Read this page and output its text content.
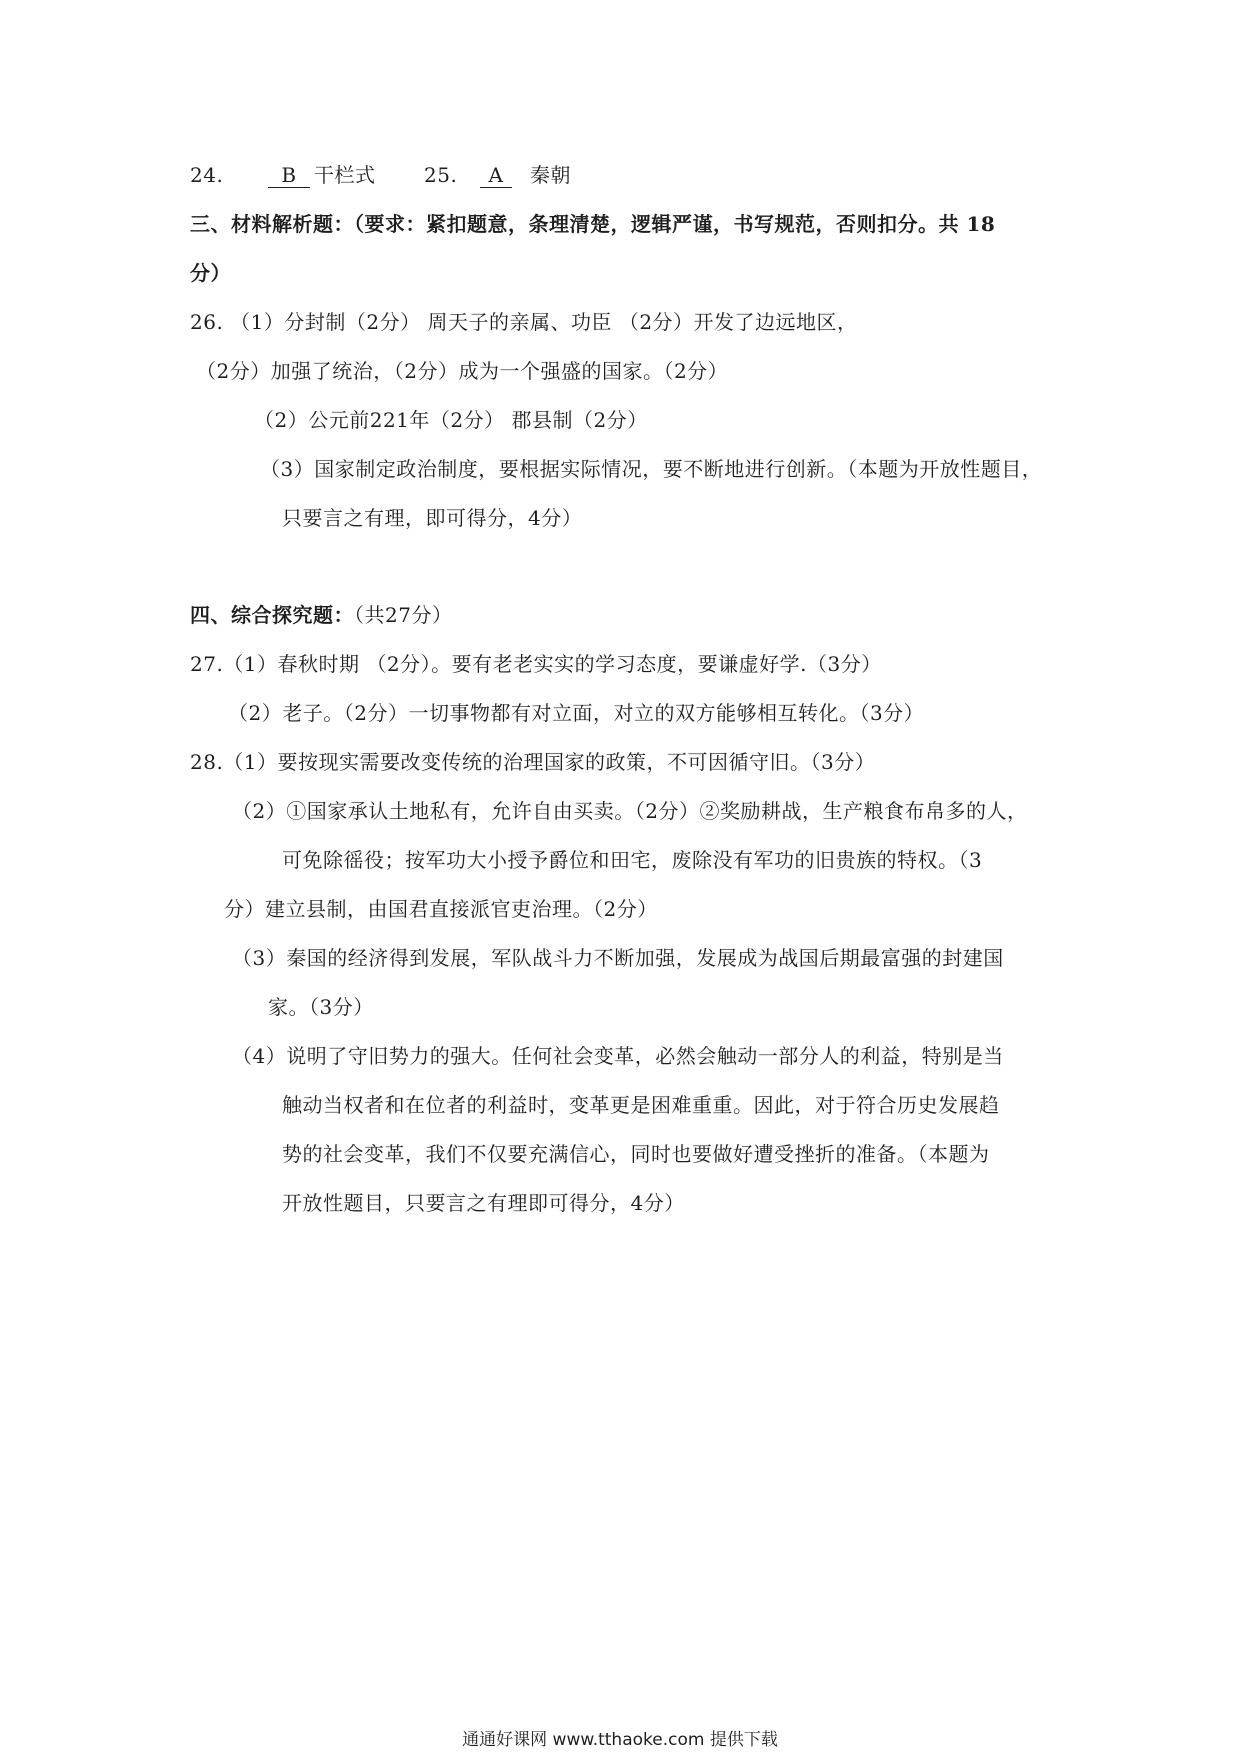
24.	B 干栏式 25. A 秦朝
三、材料解析题：（要求：紧扣题意，条理清楚，逻辑严谨，书写规范，否则扣分。共 18
分）
26. （1）分封制（2分） 周天子的亲属、功臣 （2分）开发了边远地区，
（2分）加强了统治，（2分）成为一个强盛的国家。（2分）
（2）公元前221年（2分） 郡县制（2分）
（3）国家制定政治制度，要根据实际情况，要不断地进行创新。（本题为开放性题目，
只要言之有理，即可得分，4分）
四、综合探究题：（共27分）
27.（1）春秋时期 （2分）。要有老老实实的学习态度，要谦虚好学.（3分）
（2）老子。（2分）一切事物都有对立面，对立的双方能够相互转化。（3分）
28.（1）要按现实需要改变传统的治理国家的政策，不可因循守旧。（3分）
（2）①国家承认土地私有，允许自由买卖。（2分）②奖励耕战，生产粮食布帛多的人，
可免除徭役；按军功大小授予爵位和田宅，废除没有军功的旧贵族的特权。（3
分）建立县制，由国君直接派官吏治理。（2分）
（3）秦国的经济得到发展，军队战斗力不断加强，发展成为战国后期最富强的封建国
家。（3分）
（4）说明了守旧势力的强大。任何社会变革，必然会触动一部分人的利益，特别是当
触动当权者和在位者的利益时，变革更是困难重重。因此，对于符合历史发展趋
势的社会变革，我们不仅要充满信心，同时也要做好遭受挫折的准备。（本题为
开放性题目，只要言之有理即可得分，4分）
通通好课网 www.tthaoke.com 提供下载
